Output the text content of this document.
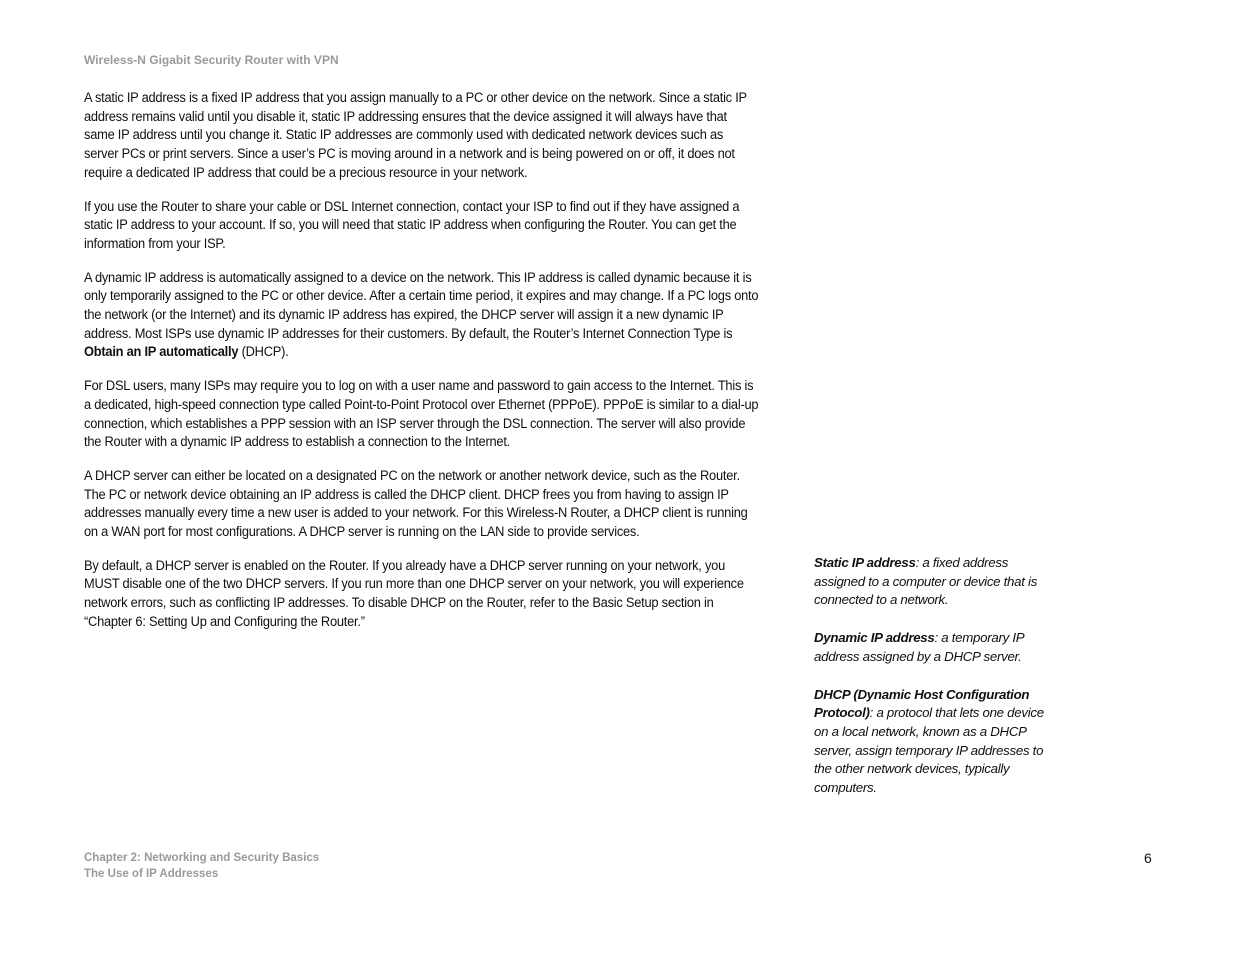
Wireless-N Gigabit Security Router with VPN

A static IP address is a fixed IP address that you assign manually to a PC or other device on the network. Since a static IP address remains valid until you disable it, static IP addressing ensures that the device assigned it will always have that same IP address until you change it. Static IP addresses are commonly used with dedicated network devices such as server PCs or print servers. Since a user’s PC is moving around in a network and is being powered on or off, it does not require a dedicated IP address that could be a precious resource in your network.

If you use the Router to share your cable or DSL Internet connection, contact your ISP to find out if they have assigned a static IP address to your account. If so, you will need that static IP address when configuring the Router. You can get the information from your ISP.

A dynamic IP address is automatically assigned to a device on the network. This IP address is called dynamic because it is only temporarily assigned to the PC or other device. After a certain time period, it expires and may change. If a PC logs onto the network (or the Internet) and its dynamic IP address has expired, the DHCP server will assign it a new dynamic IP address. Most ISPs use dynamic IP addresses for their customers. By default, the Router’s Internet Connection Type is Obtain an IP automatically (DHCP).

For DSL users, many ISPs may require you to log on with a user name and password to gain access to the Internet. This is a dedicated, high-speed connection type called Point-to-Point Protocol over Ethernet (PPPoE). PPPoE is similar to a dial-up connection, which establishes a PPP session with an ISP server through the DSL connection. The server will also provide the Router with a dynamic IP address to establish a connection to the Internet.

A DHCP server can either be located on a designated PC on the network or another network device, such as the Router. The PC or network device obtaining an IP address is called the DHCP client. DHCP frees you from having to assign IP addresses manually every time a new user is added to your network. For this Wireless-N Router, a DHCP client is running on a WAN port for most configurations. A DHCP server is running on the LAN side to provide services.

By default, a DHCP server is enabled on the Router. If you already have a DHCP server running on your network, you MUST disable one of the two DHCP servers. If you run more than one DHCP server on your network, you will experience network errors, such as conflicting IP addresses. To disable DHCP on the Router, refer to the Basic Setup section in “Chapter 6: Setting Up and Configuring the Router.”

Static IP address: a fixed address assigned to a computer or device that is connected to a network.

Dynamic IP address: a temporary IP address assigned by a DHCP server.

DHCP (Dynamic Host Configuration Protocol): a protocol that lets one device on a local network, known as a DHCP server, assign temporary IP addresses to the other network devices, typically computers.

Chapter 2: Networking and Security Basics
The Use of IP Addresses
6
